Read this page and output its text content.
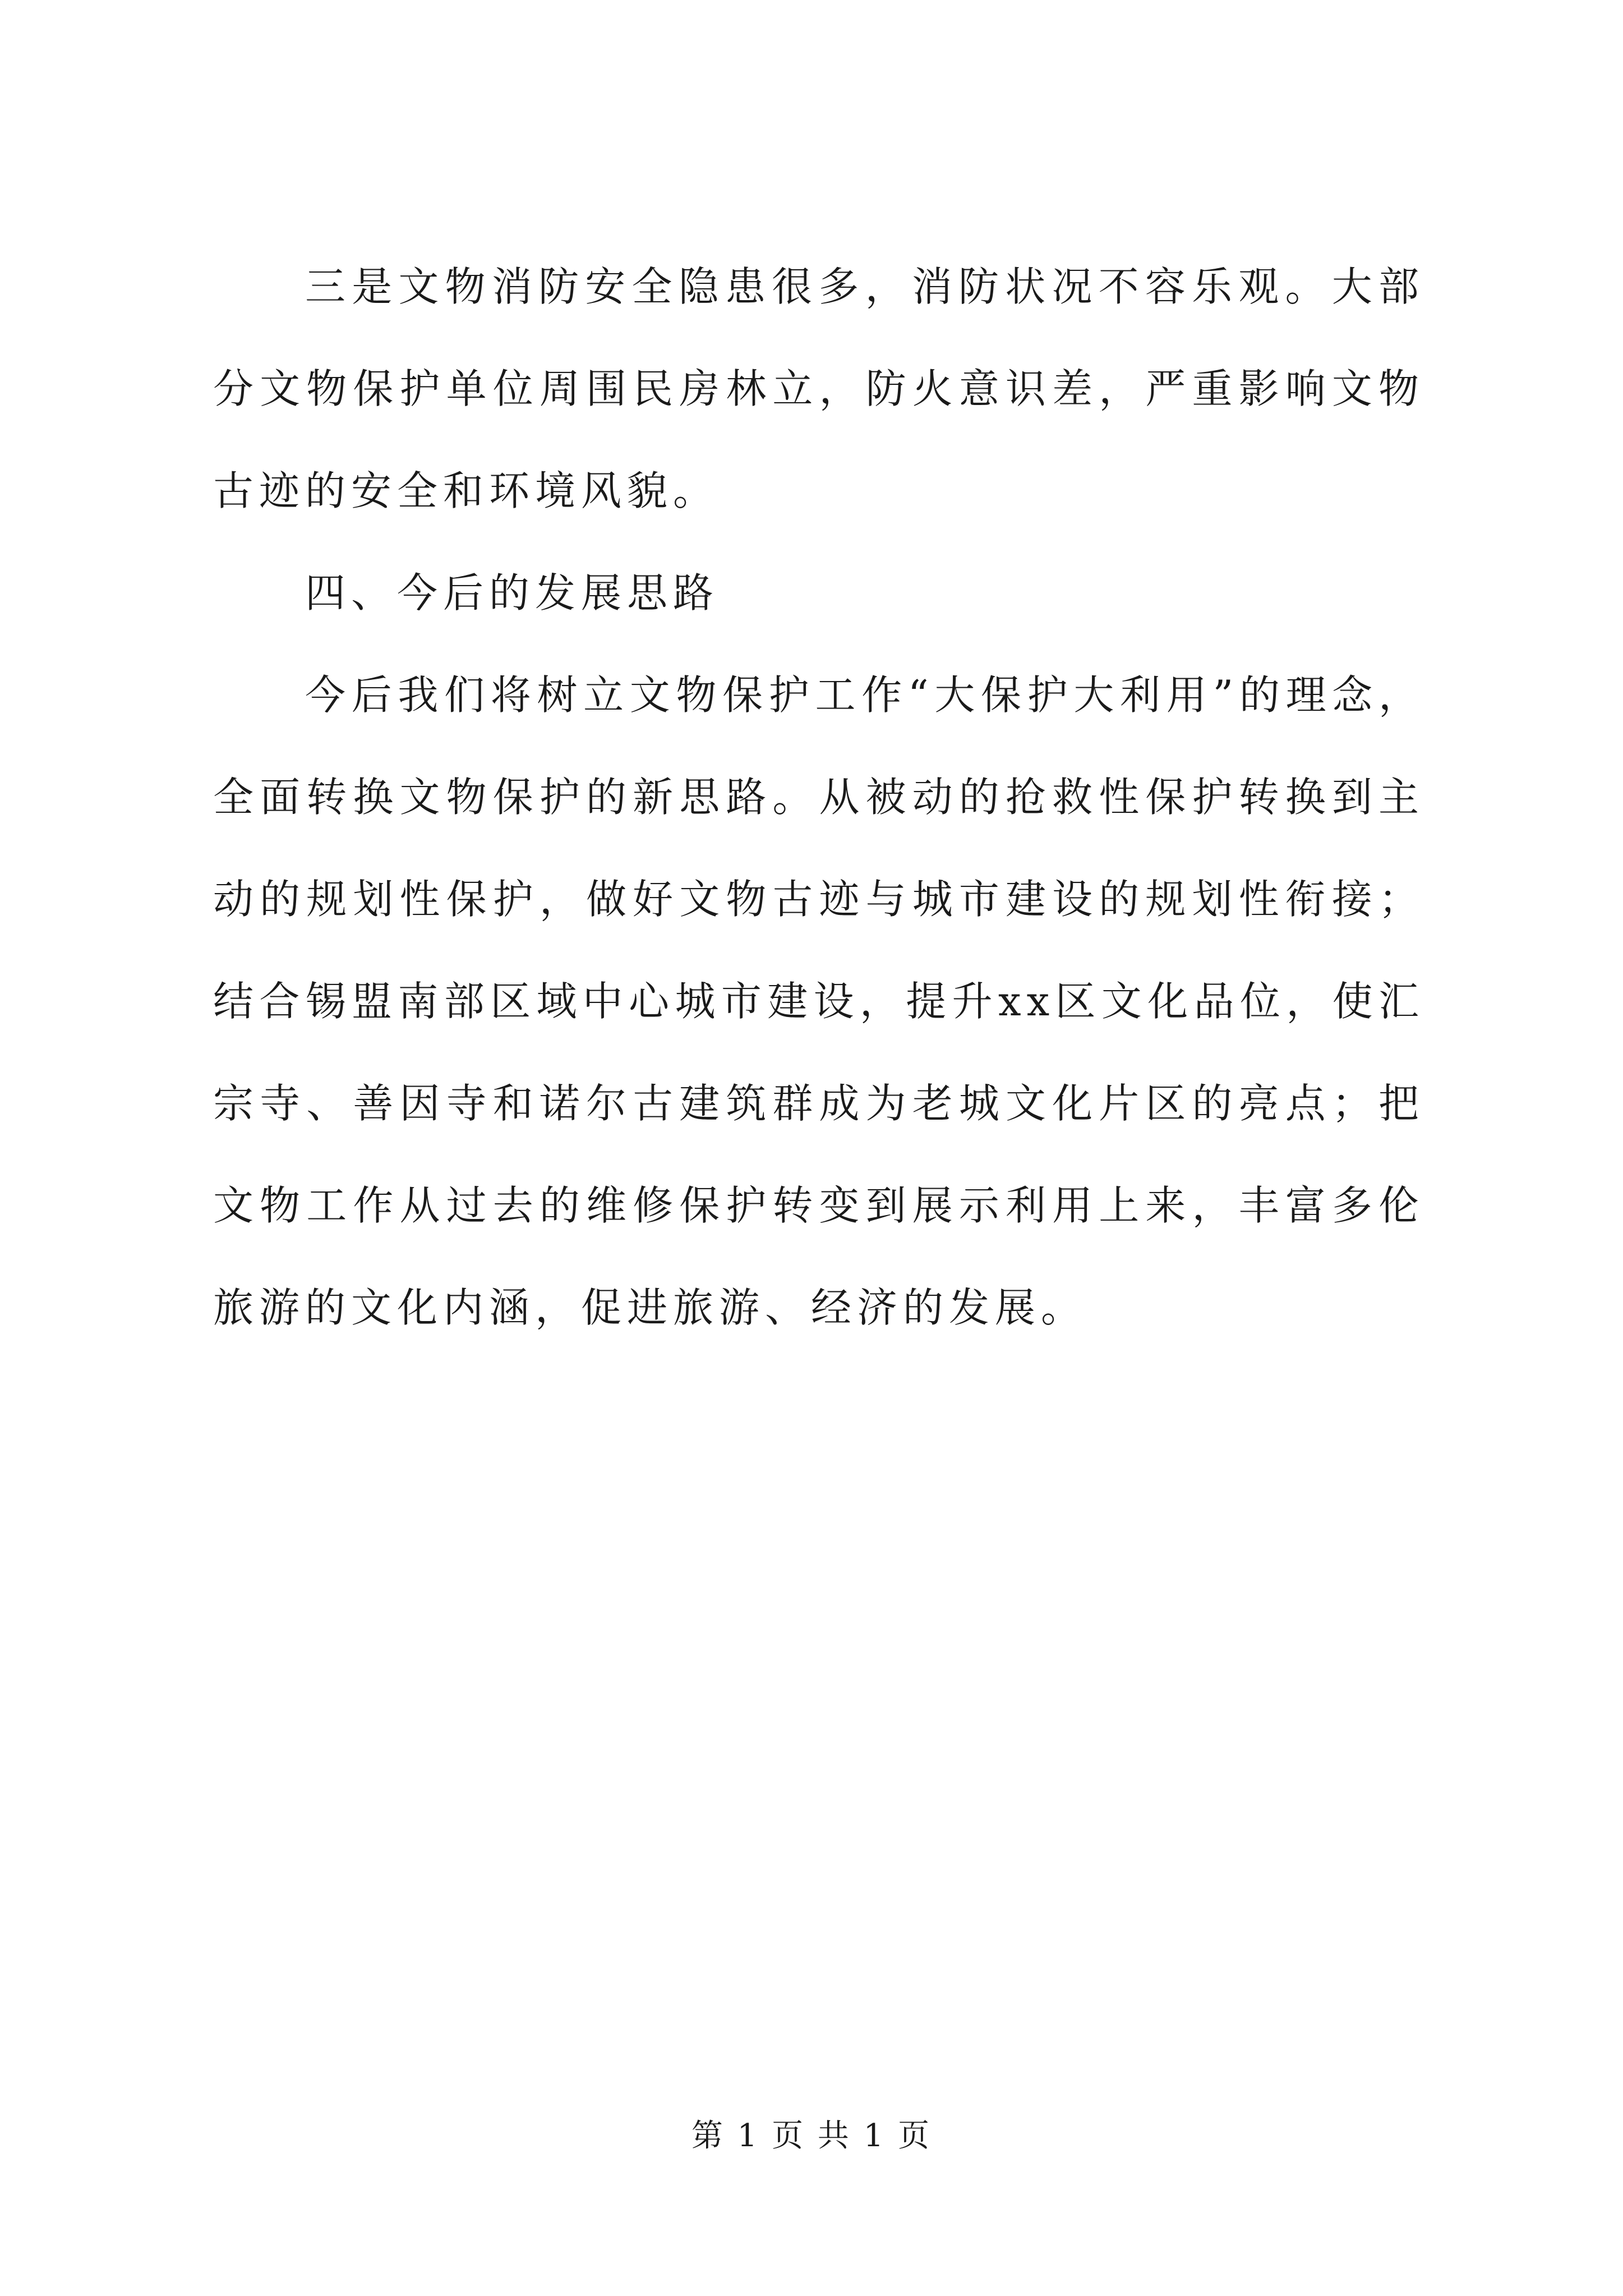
三是文物消防安全隐患很多，消防状况不容乐观。大部分文物保护单位周围民房林立，防火意识差，严重影响文物古迹的安全和环境风貌。

四、今后的发展思路

今后我们将树立文物保护工作“大保护大利用”的理念，全面转换文物保护的新思路。从被动的抢救性保护转换到主动的规划性保护，做好文物古迹与城市建设的规划性衔接；结合锡盟南部区域中心城市建设，提升xx区文化品位，使汇宗寺、善因寺和诺尔古建筑群成为老城文化片区的亮点；把文物工作从过去的维修保护转变到展示利用上来，丰富多伦旅游的文化内涵，促进旅游、经济的发展。

第 1 页 共 1 页
